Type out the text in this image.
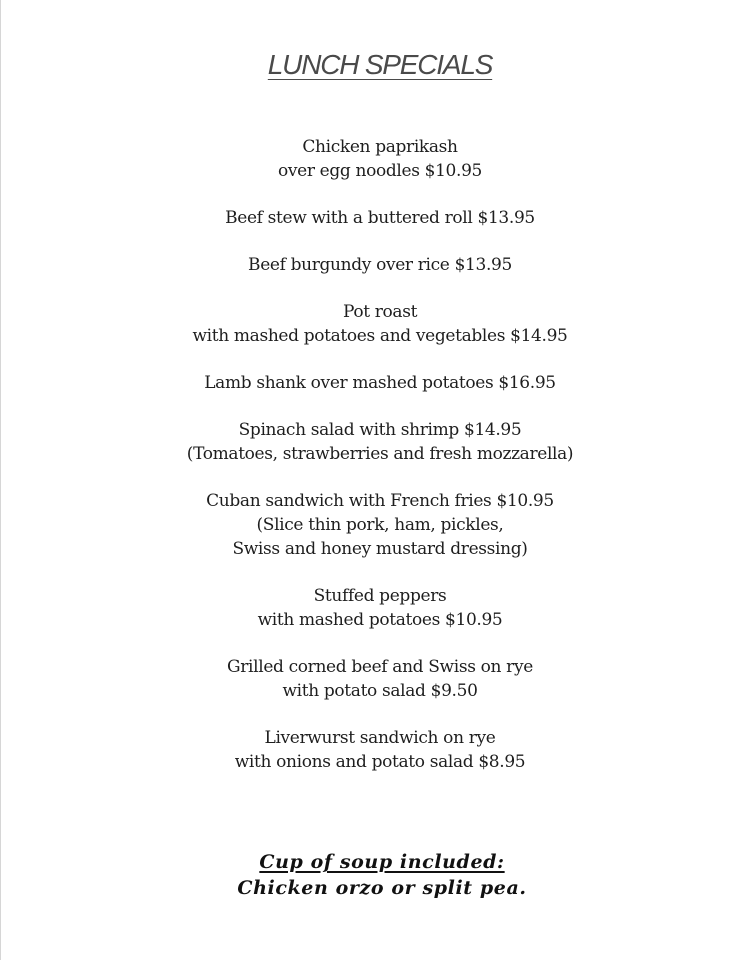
LUNCH SPECIALS
Chicken paprikash
over egg noodles $10.95
Beef stew with a buttered roll $13.95
Beef burgundy over rice $13.95
Pot roast
with mashed potatoes and vegetables $14.95
Lamb shank over mashed potatoes $16.95
Spinach salad with shrimp $14.95
(Tomatoes, strawberries and fresh mozzarella)
Cuban sandwich with French fries $10.95
(Slice thin pork, ham, pickles,
Swiss and honey mustard dressing)
Stuffed peppers
with mashed potatoes $10.95
Grilled corned beef and Swiss on rye
with potato salad $9.50
Liverwurst sandwich on rye
with onions and potato salad $8.95
Cup of soup included:
Chicken orzo or split pea.
